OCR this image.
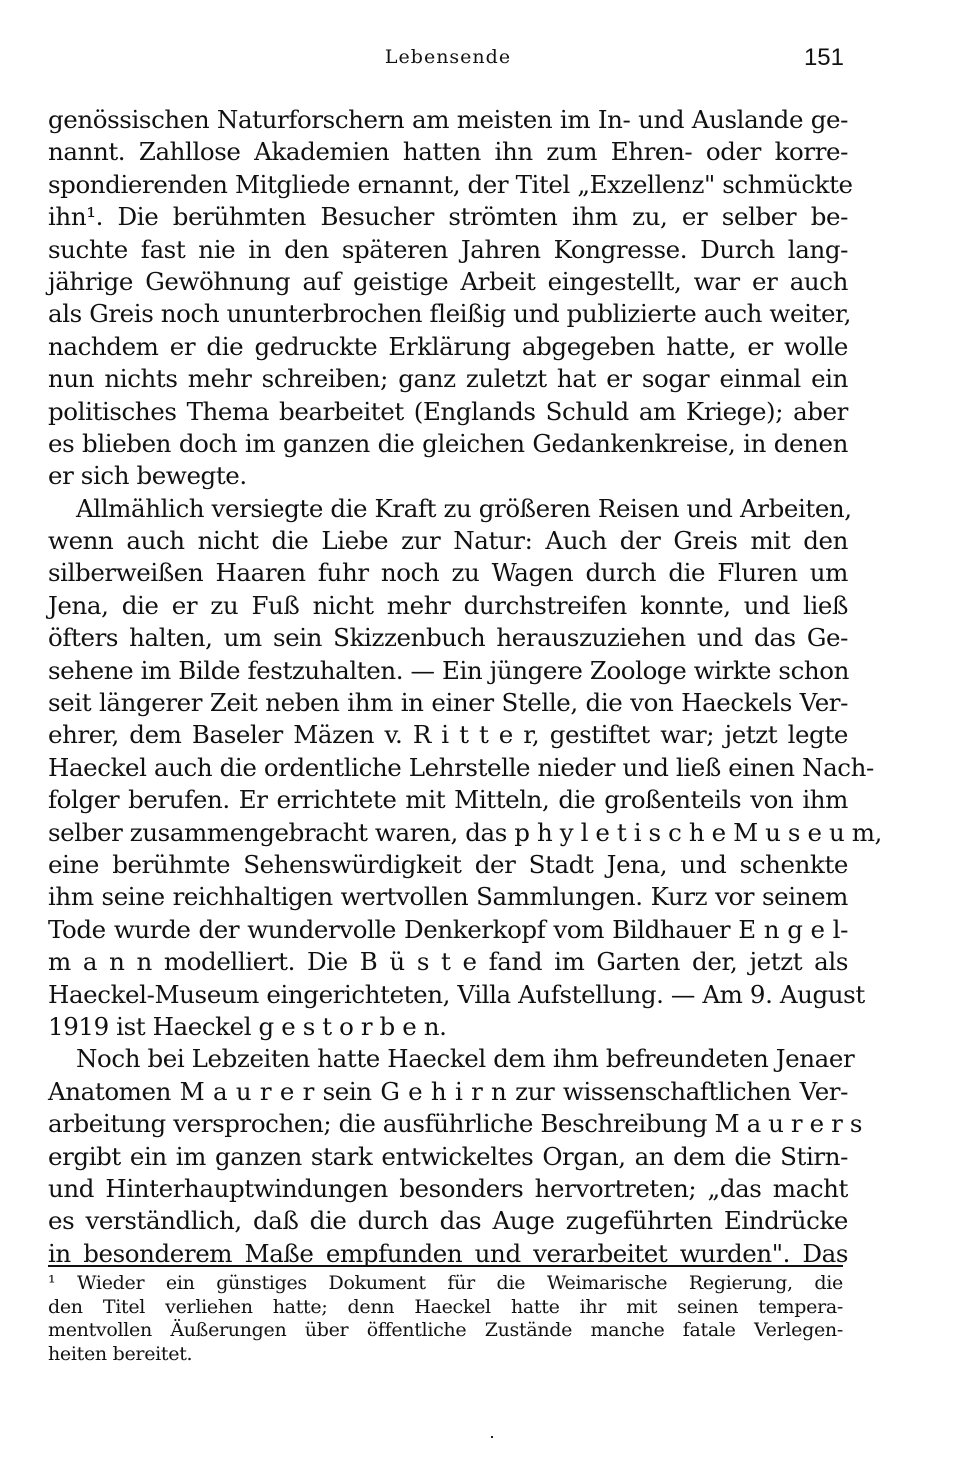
Lebensende	151
genössischen Naturforschern am meisten im In- und Auslande ge-
nannt. Zahllose Akademien hatten ihn zum Ehren- oder korre-
spondierenden Mitgliede ernannt, der Titel „Exzellenz" schmückte
ihn¹. Die berühmten Besucher strömten ihm zu, er selber be-
suchte fast nie in den späteren Jahren Kongresse. Durch lang-
jährige Gewöhnung auf geistige Arbeit eingestellt, war er auch
als Greis noch ununterbrochen fleißig und publizierte auch weiter,
nachdem er die gedruckte Erklärung abgegeben hatte, er wolle
nun nichts mehr schreiben; ganz zuletzt hat er sogar einmal ein
politisches Thema bearbeitet (Englands Schuld am Kriege); aber
es blieben doch im ganzen die gleichen Gedankenkreise, in denen
er sich bewegte.
Allmählich versiegte die Kraft zu größeren Reisen und Arbeiten,
wenn auch nicht die Liebe zur Natur: Auch der Greis mit den
silberweißen Haaren fuhr noch zu Wagen durch die Fluren um
Jena, die er zu Fuß nicht mehr durchstreifen konnte, und ließ
öfters halten, um sein Skizzenbuch herauszuziehen und das Ge-
sehene im Bilde festzuhalten. — Ein jüngere Zoologe wirkte schon
seit längerer Zeit neben ihm in einer Stelle, die von Haeckels Ver-
ehrer, dem Baseler Mäzen v. R i t t e r, gestiftet war; jetzt legte
Haeckel auch die ordentliche Lehrstelle nieder und ließ einen Nach-
folger berufen. Er errichtete mit Mitteln, die großenteils von ihm
selber zusammengebracht waren, das p h y l e t i s c h e M u s e u m,
eine berühmte Sehenswürdigkeit der Stadt Jena, und schenkte
ihm seine reichhaltigen wertvollen Sammlungen. Kurz vor seinem
Tode wurde der wundervolle Denkerkopf vom Bildhauer E n g e l-
m a n n modelliert. Die B ü s t e fand im Garten der, jetzt als
Haeckel-Museum eingerichteten, Villa Aufstellung. — Am 9. August
1919 ist Haeckel g e s t o r b e n.
Noch bei Lebzeiten hatte Haeckel dem ihm befreundeten Jenaer
Anatomen M a u r e r sein G e h i r n zur wissenschaftlichen Ver-
arbeitung versprochen; die ausführliche Beschreibung M a u r e r s
ergibt ein im ganzen stark entwickeltes Organ, an dem die Stirn-
und Hinterhauptwindungen besonders hervortreten; „das macht
es verständlich, daß die durch das Auge zugeführten Eindrücke
in besonderem Maße empfunden und verarbeitet wurden". Das
¹ Wieder ein günstiges Dokument für die Weimarische Regierung, die
den Titel verliehen hatte; denn Haeckel hatte ihr mit seinen tempera-
mentvollen Äußerungen über öffentliche Zustände manche fatale Verlegen-
heiten bereitet.
